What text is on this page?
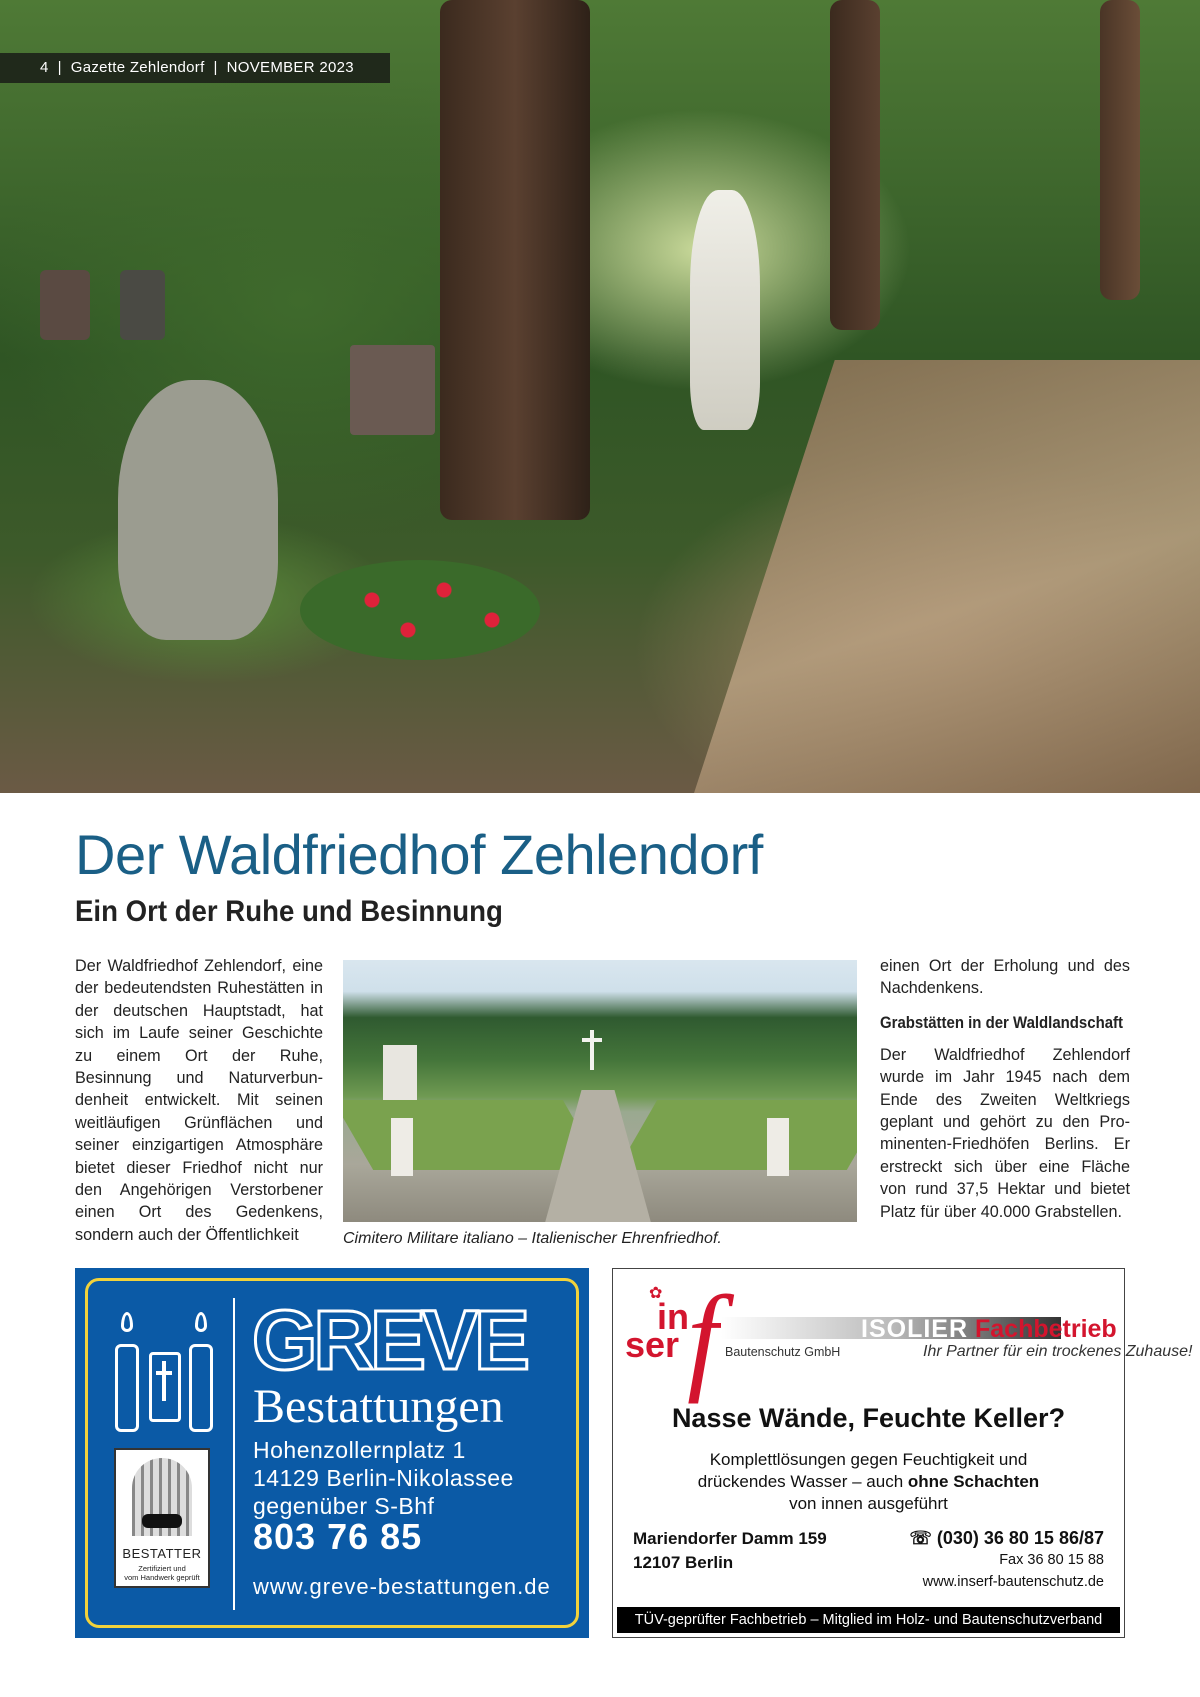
4 | Gazette Zehlendorf | NOVEMBER 2023
Der Waldfriedhof Zehlendorf
Ein Ort der Ruhe und Besinnung
Der Waldfriedhof Zehlendorf, eine der bedeutendsten Ruhestätten in der deutschen Hauptstadt, hat sich im Laufe seiner Geschichte zu einem Ort der Ruhe, Besinnung und Naturverbundenheit entwickelt. Mit seinen weitläufigen Grünflächen und seiner einzigartigen Atmosphäre bietet dieser Friedhof nicht nur den Angehörigen Verstorbener einen Ort des Gedenkens, sondern auch der Öffentlichkeit	Cimitero Militare italiano – Italienischer Ehrenfriedhof.
einen Ort der Erholung und des Nachdenkens.
Grabstätten in der Waldlandschaft
Der Waldfriedhof Zehlendorf wurde im Jahr 1945 nach dem Ende des Zweiten Weltkriegs geplant und gehört zu den Prominenten-Friedhöfen Berlins. Er erstreckt sich über eine Fläche von rund 37,5 Hektar und bietet Platz für über 40.000 Grabstellen.
BESTATTER
Zertifiziert und
vom Handwerk geprüft
GREVE
Bestattungen
Hohenzollernplatz 1
14129 Berlin-Nikolassee
gegenüber S-Bhf
803 76 85
www.greve-bestattungen.de
✿
in
ser f	ISOLIER Fachbetrieb
Bautenschutz GmbH	Ihr Partner für ein trockenes Zuhause!
Nasse Wände, Feuchte Keller?
Komplettlösungen gegen Feuchtigkeit und
drückendes Wasser – auch ohne Schachten
von innen ausgeführt
Mariendorfer Damm 159
12107 Berlin
☏ (030) 36 80 15 86/87
Fax 36 80 15 88
www.inserf-bautenschutz.de
TÜV-geprüfter Fachbetrieb – Mitglied im Holz- und Bautenschutzverband
